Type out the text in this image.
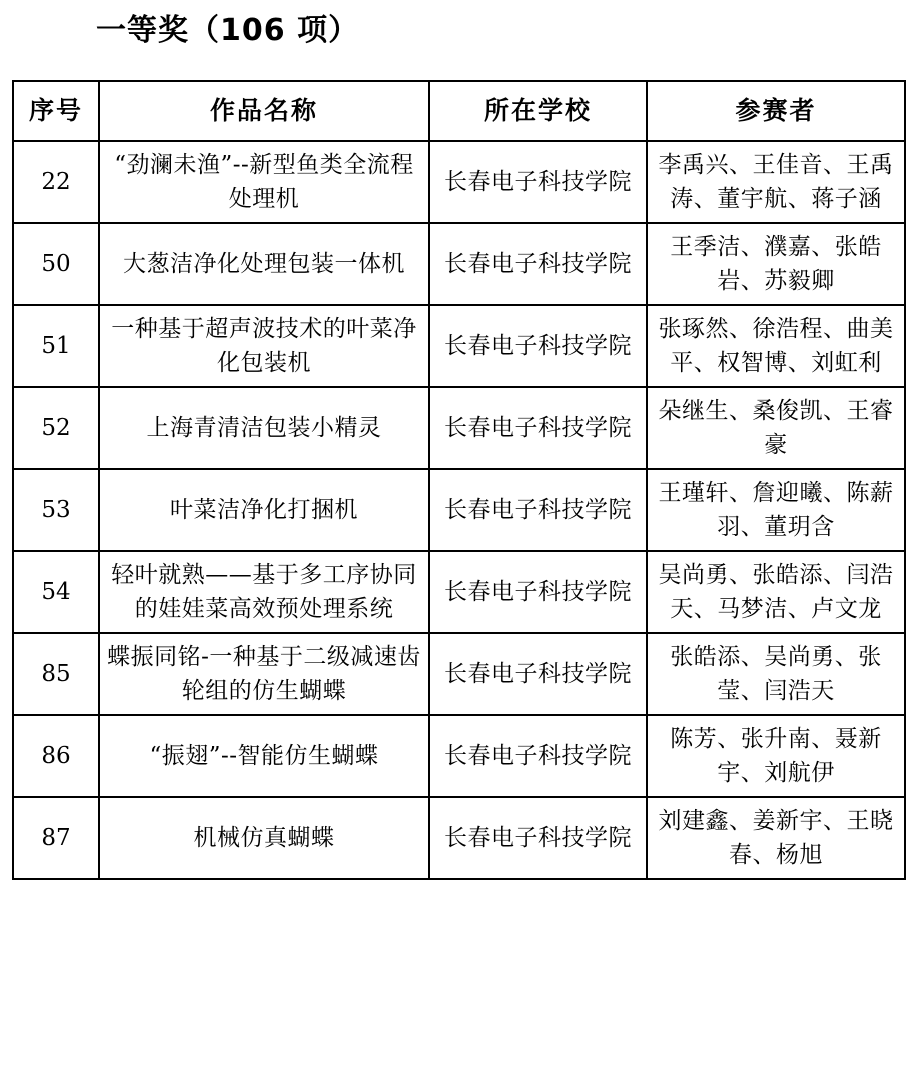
一等奖（106 项）
序号	作品名称	所在学校	参赛者
22	“劲澜未渔”--新型鱼类全流程处理机	长春电子科技学院	李禹兴、王佳音、王禹涛、董宇航、蒋子涵
50	大葱洁净化处理包装一体机	长春电子科技学院	王季洁、濮嘉、张皓岩、苏毅卿
51	一种基于超声波技术的叶菜净化包装机	长春电子科技学院	张琢然、徐浩程、曲美平、权智博、刘虹利
52	上海青清洁包装小精灵	长春电子科技学院	朵继生、桑俊凯、王睿豪
53	叶菜洁净化打捆机	长春电子科技学院	王瑾轩、詹迎曦、陈薪羽、董玥含
54	轻叶就熟——基于多工序协同的娃娃菜高效预处理系统	长春电子科技学院	吴尚勇、张皓添、闫浩天、马梦洁、卢文龙
85	蝶振同铭-一种基于二级减速齿轮组的仿生蝴蝶	长春电子科技学院	张皓添、吴尚勇、张莹、闫浩天
86	“振翅”--智能仿生蝴蝶	长春电子科技学院	陈芳、张升南、聂新宇、刘航伊
87	机械仿真蝴蝶	长春电子科技学院	刘建鑫、姜新宇、王晓春、杨旭
